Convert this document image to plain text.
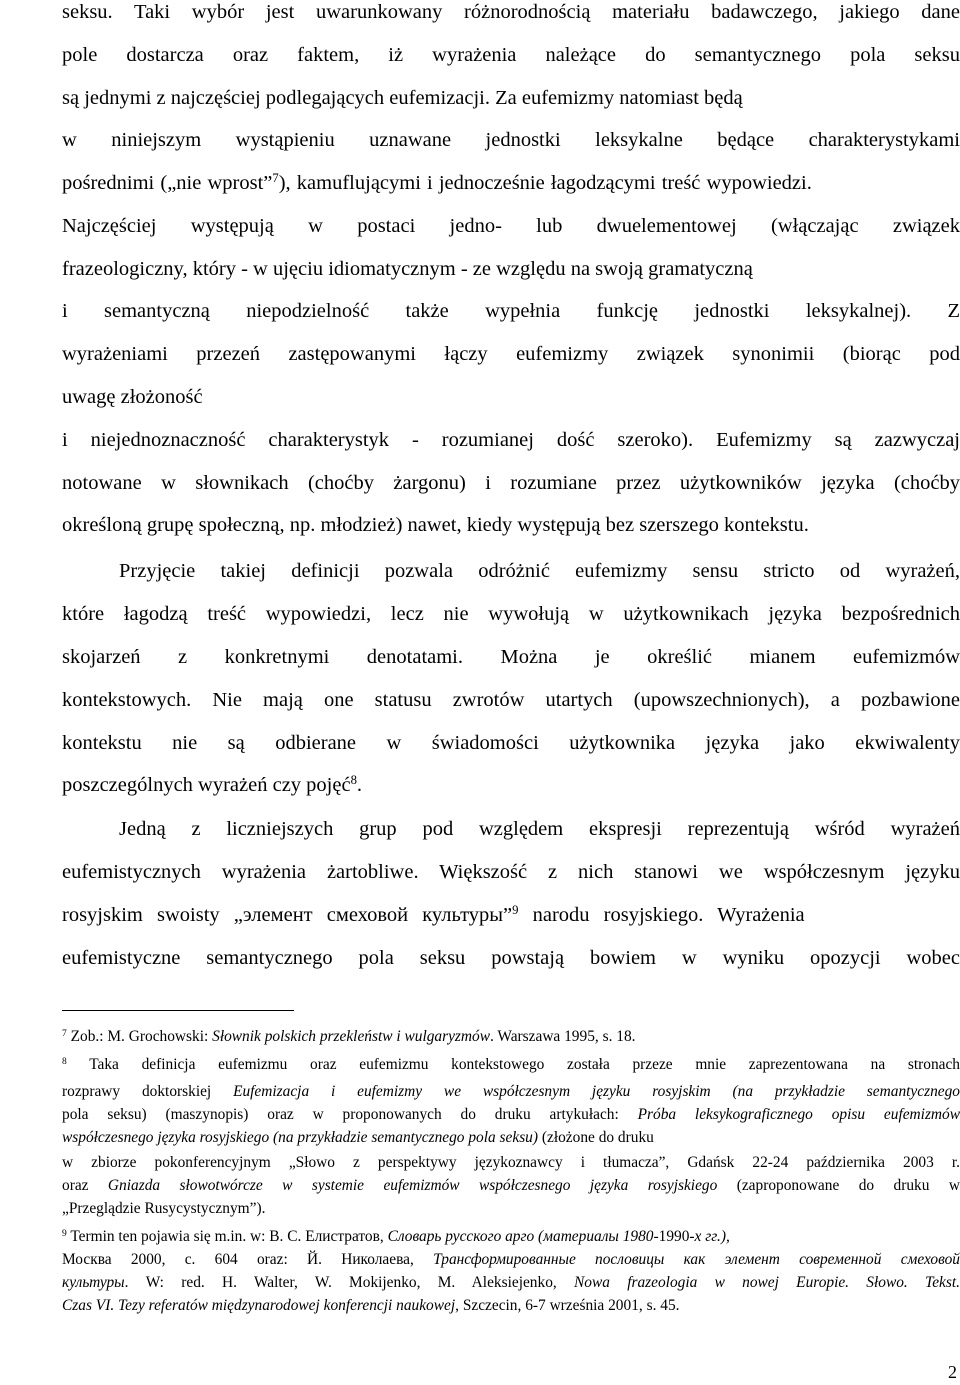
seksu. Taki wybór jest uwarunkowany różnorodnością materiału badawczego, jakiego dane
pole dostarcza oraz faktem, iż wyrażenia należące do semantycznego pola seksu
są jednymi z najczęściej podlegających eufemizacji. Za eufemizmy natomiast będą
w niniejszym wystąpieniu uznawane jednostki leksykalne będące charakterystykami
pośrednimi („nie wprost”$^7$), kamuflującymi i jednocześnie łagodzącymi treść wypowiedzi.
Najczęściej występują w postaci jedno- lub dwuelementowej (włączając związek
frazeologiczny, który - w ujęciu idiomatycznym - ze względu na swoją gramatyczną
i semantyczną niepodzielność także wypełnia funkcję jednostki leksykalnej). Z
wyrażeniami przezeń zastępowanymi łączy eufemizmy związek synonimii (biorąc pod
uwagę złożoność
i niejednoznaczność charakterystyk - rozumianej dość szeroko). Eufemizmy są zazwyczaj
notowane w słownikach (choćby żargonu) i rozumiane przez użytkowników języka (choćby
określoną grupę społeczną, np. młodzież) nawet, kiedy występują bez szerszego kontekstu.
Przyjęcie takiej definicji pozwala odróżnić eufemizmy sensu stricto od wyrażeń,
które łagodzą treść wypowiedzi, lecz nie wywołują w użytkownikach języka bezpośrednich
skojarzeń z konkretnymi denotatami. Można je określić mianem eufemizmów
kontekstowych. Nie mają one statusu zwrotów utartych (upowszechnionych), a pozbawione
kontekstu nie są odbierane w świadomości użytkownika języka jako ekwiwalenty
poszczególnych wyrażeń czy pojęć$^8$.
Jedną z liczniejszych grup pod względem ekspresji reprezentują wśród wyrażeń
eufemistycznych wyrażenia żartobliwe. Większość z nich stanowi we współczesnym języku
rosyjskim swoisty „элемент смеховой культуры”$^9$ narodu rosyjskiego. Wyrażenia
eufemistyczne semantycznego pola seksu powstają bowiem w wyniku opozycji wobec
$^7$ Zob.: M. Grochowski: Słownik polskich przekleństw i wulgaryzmów. Warszawa 1995, s. 18.
$^8$ Taka definicja eufemizmu oraz eufemizmu kontekstowego została przeze mnie zaprezentowana na stronach
rozprawy doktorskiej Eufemizacja i eufemizmy we współczesnym języku rosyjskim (na przykładzie semantycznego
pola seksu) (maszynopis) oraz w proponowanych do druku artykułach: Próba leksykograficznego opisu eufemizmów
współczesnego języka rosyjskiego (na przykładzie semantycznego pola seksu) (złożone do druku
w zbiorze pokonferencyjnym „Słowo z perspektywy językoznawcy i tłumacza”, Gdańsk 22-24 października 2003 r.
oraz Gniazda słowotwórcze w systemie eufemizmów współczesnego języka rosyjskiego (zaproponowane do druku w
„Przeglądzie Rusycystycznym”).
$^9$ Termin ten pojawia się m.in. w: В. С. Елистратов, Словарь русского арго (материалы 1980-1990-х гг.),
Москва 2000, с. 604 oraz: Й. Николаева, Трансформированные пословицы как элемент современной смеховой
культуры. W: red. H. Walter, W. Mokijenko, M. Aleksiejenko, Nowa frazeologia w nowej Europie. Słowo. Tekst.
Czas VI. Tezy referatów międzynarodowej konferencji naukowej, Szczecin, 6-7 września 2001, s. 45.
2
